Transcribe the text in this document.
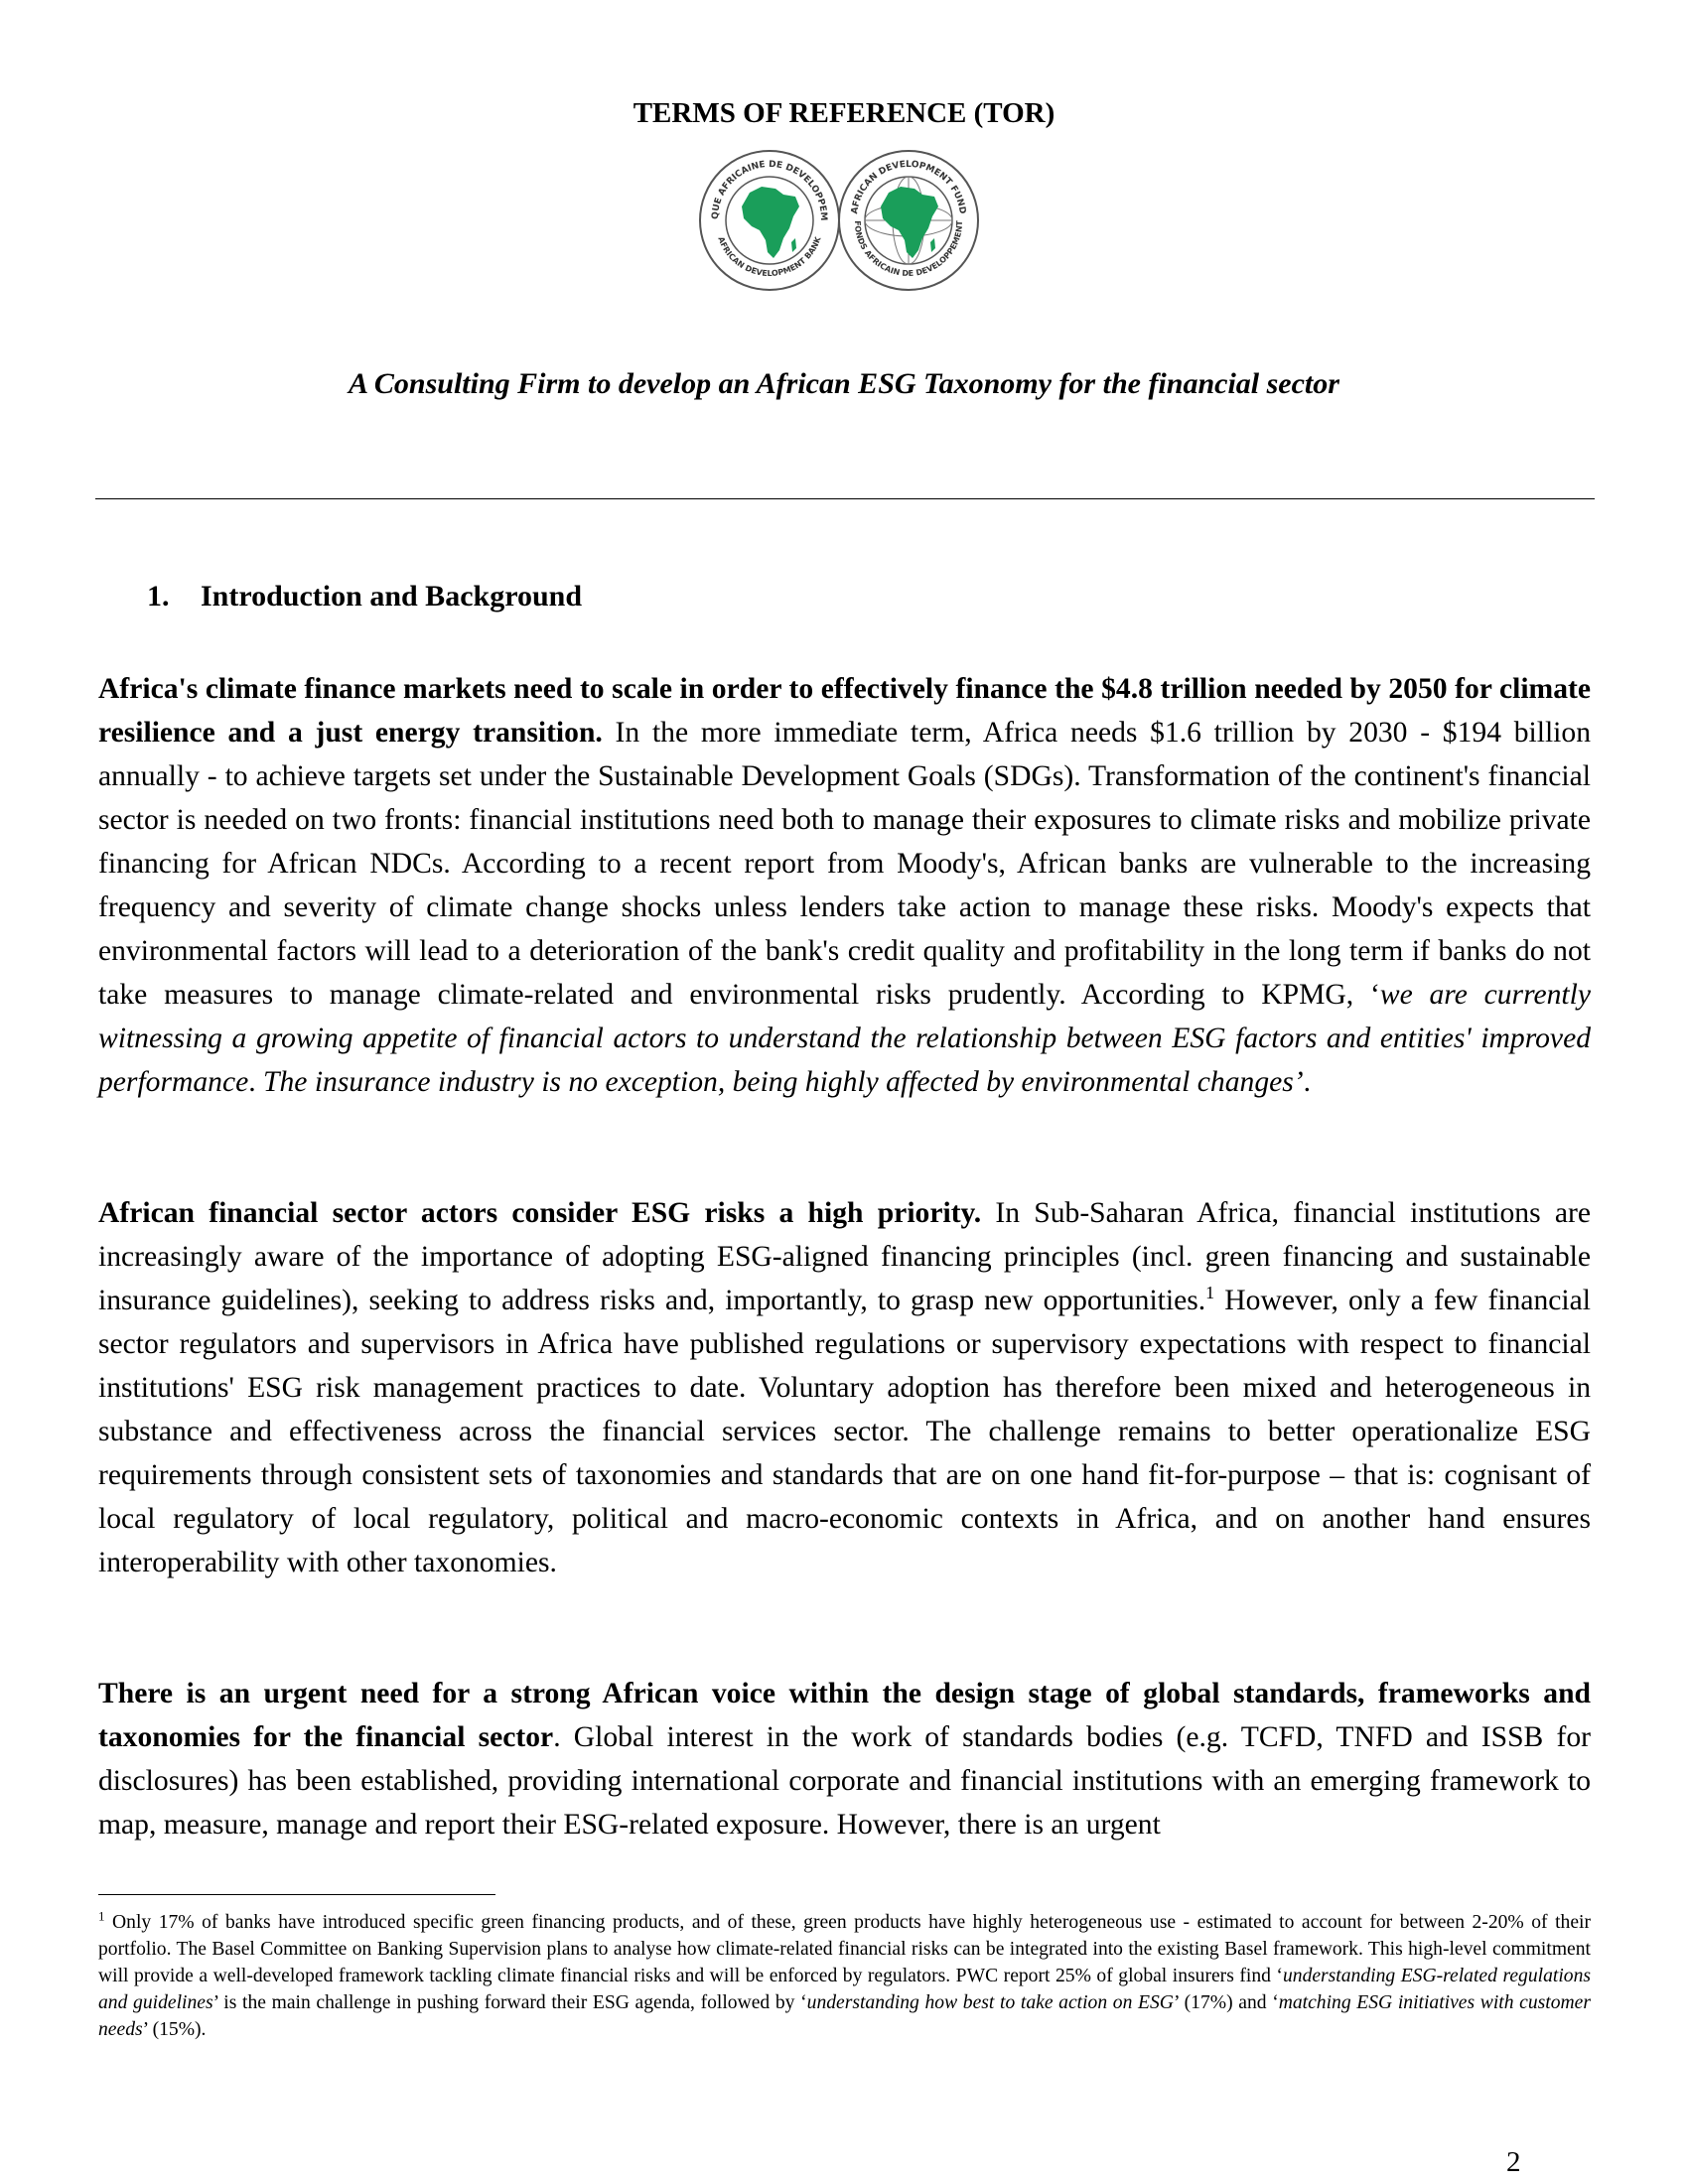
TERMS OF REFERENCE (TOR)
QUE AFRICAINE DE DEVELOPPEM
AFRICAN DEVELOPMENT BANK
AFRICAN DEVELOPMENT FUND
FONDS AFRICAIN DE DEVELOPPEMENT
A Consulting Firm to develop an African ESG Taxonomy for the financial sector
1. Introduction and Background

Africa's climate finance markets need to scale in order to effectively finance the $4.8 trillion needed by 2050 for climate resilience and a just energy transition. In the more immediate term, Africa needs $1.6 trillion by 2030 - $194 billion annually - to achieve targets set under the Sustainable Development Goals (SDGs). Transformation of the continent's financial sector is needed on two fronts: financial institutions need both to manage their exposures to climate risks and mobilize private financing for African NDCs. According to a recent report from Moody's, African banks are vulnerable to the increasing frequency and severity of climate change shocks unless lenders take action to manage these risks. Moody's expects that environmental factors will lead to a deterioration of the bank's credit quality and profitability in the long term if banks do not take measures to manage climate-related and environmental risks prudently. According to KPMG, ‘we are currently witnessing a growing appetite of financial actors to understand the relationship between ESG factors and entities' improved performance. The insurance industry is no exception, being highly affected by environmental changes’.

African financial sector actors consider ESG risks a high priority. In Sub-Saharan Africa, financial institutions are increasingly aware of the importance of adopting ESG-aligned financing principles (incl. green financing and sustainable insurance guidelines), seeking to address risks and, importantly, to grasp new opportunities.$^1$ However, only a few financial sector regulators and supervisors in Africa have published regulations or supervisory expectations with respect to financial institutions' ESG risk management practices to date. Voluntary adoption has therefore been mixed and heterogeneous in substance and effectiveness across the financial services sector. The challenge remains to better operationalize ESG requirements through consistent sets of taxonomies and standards that are on one hand fit-for-purpose – that is: cognisant of local regulatory of local regulatory, political and macro-economic contexts in Africa, and on another hand ensures interoperability with other taxonomies.

There is an urgent need for a strong African voice within the design stage of global standards, frameworks and taxonomies for the financial sector. Global interest in the work of standards bodies (e.g. TCFD, TNFD and ISSB for disclosures) has been established, providing international corporate and financial institutions with an emerging framework to map, measure, manage and report their ESG-related exposure. However, there is an urgent

$^1$ Only 17% of banks have introduced specific green financing products, and of these, green products have highly heterogeneous use - estimated to account for between 2-20% of their portfolio. The Basel Committee on Banking Supervision plans to analyse how climate-related financial risks can be integrated into the existing Basel framework. This high-level commitment will provide a well-developed framework tackling climate financial risks and will be enforced by regulators. PWC report 25% of global insurers find ‘understanding ESG-related regulations and guidelines’ is the main challenge in pushing forward their ESG agenda, followed by ‘understanding how best to take action on ESG’ (17%) and ‘matching ESG initiatives with customer needs’ (15%).

2
